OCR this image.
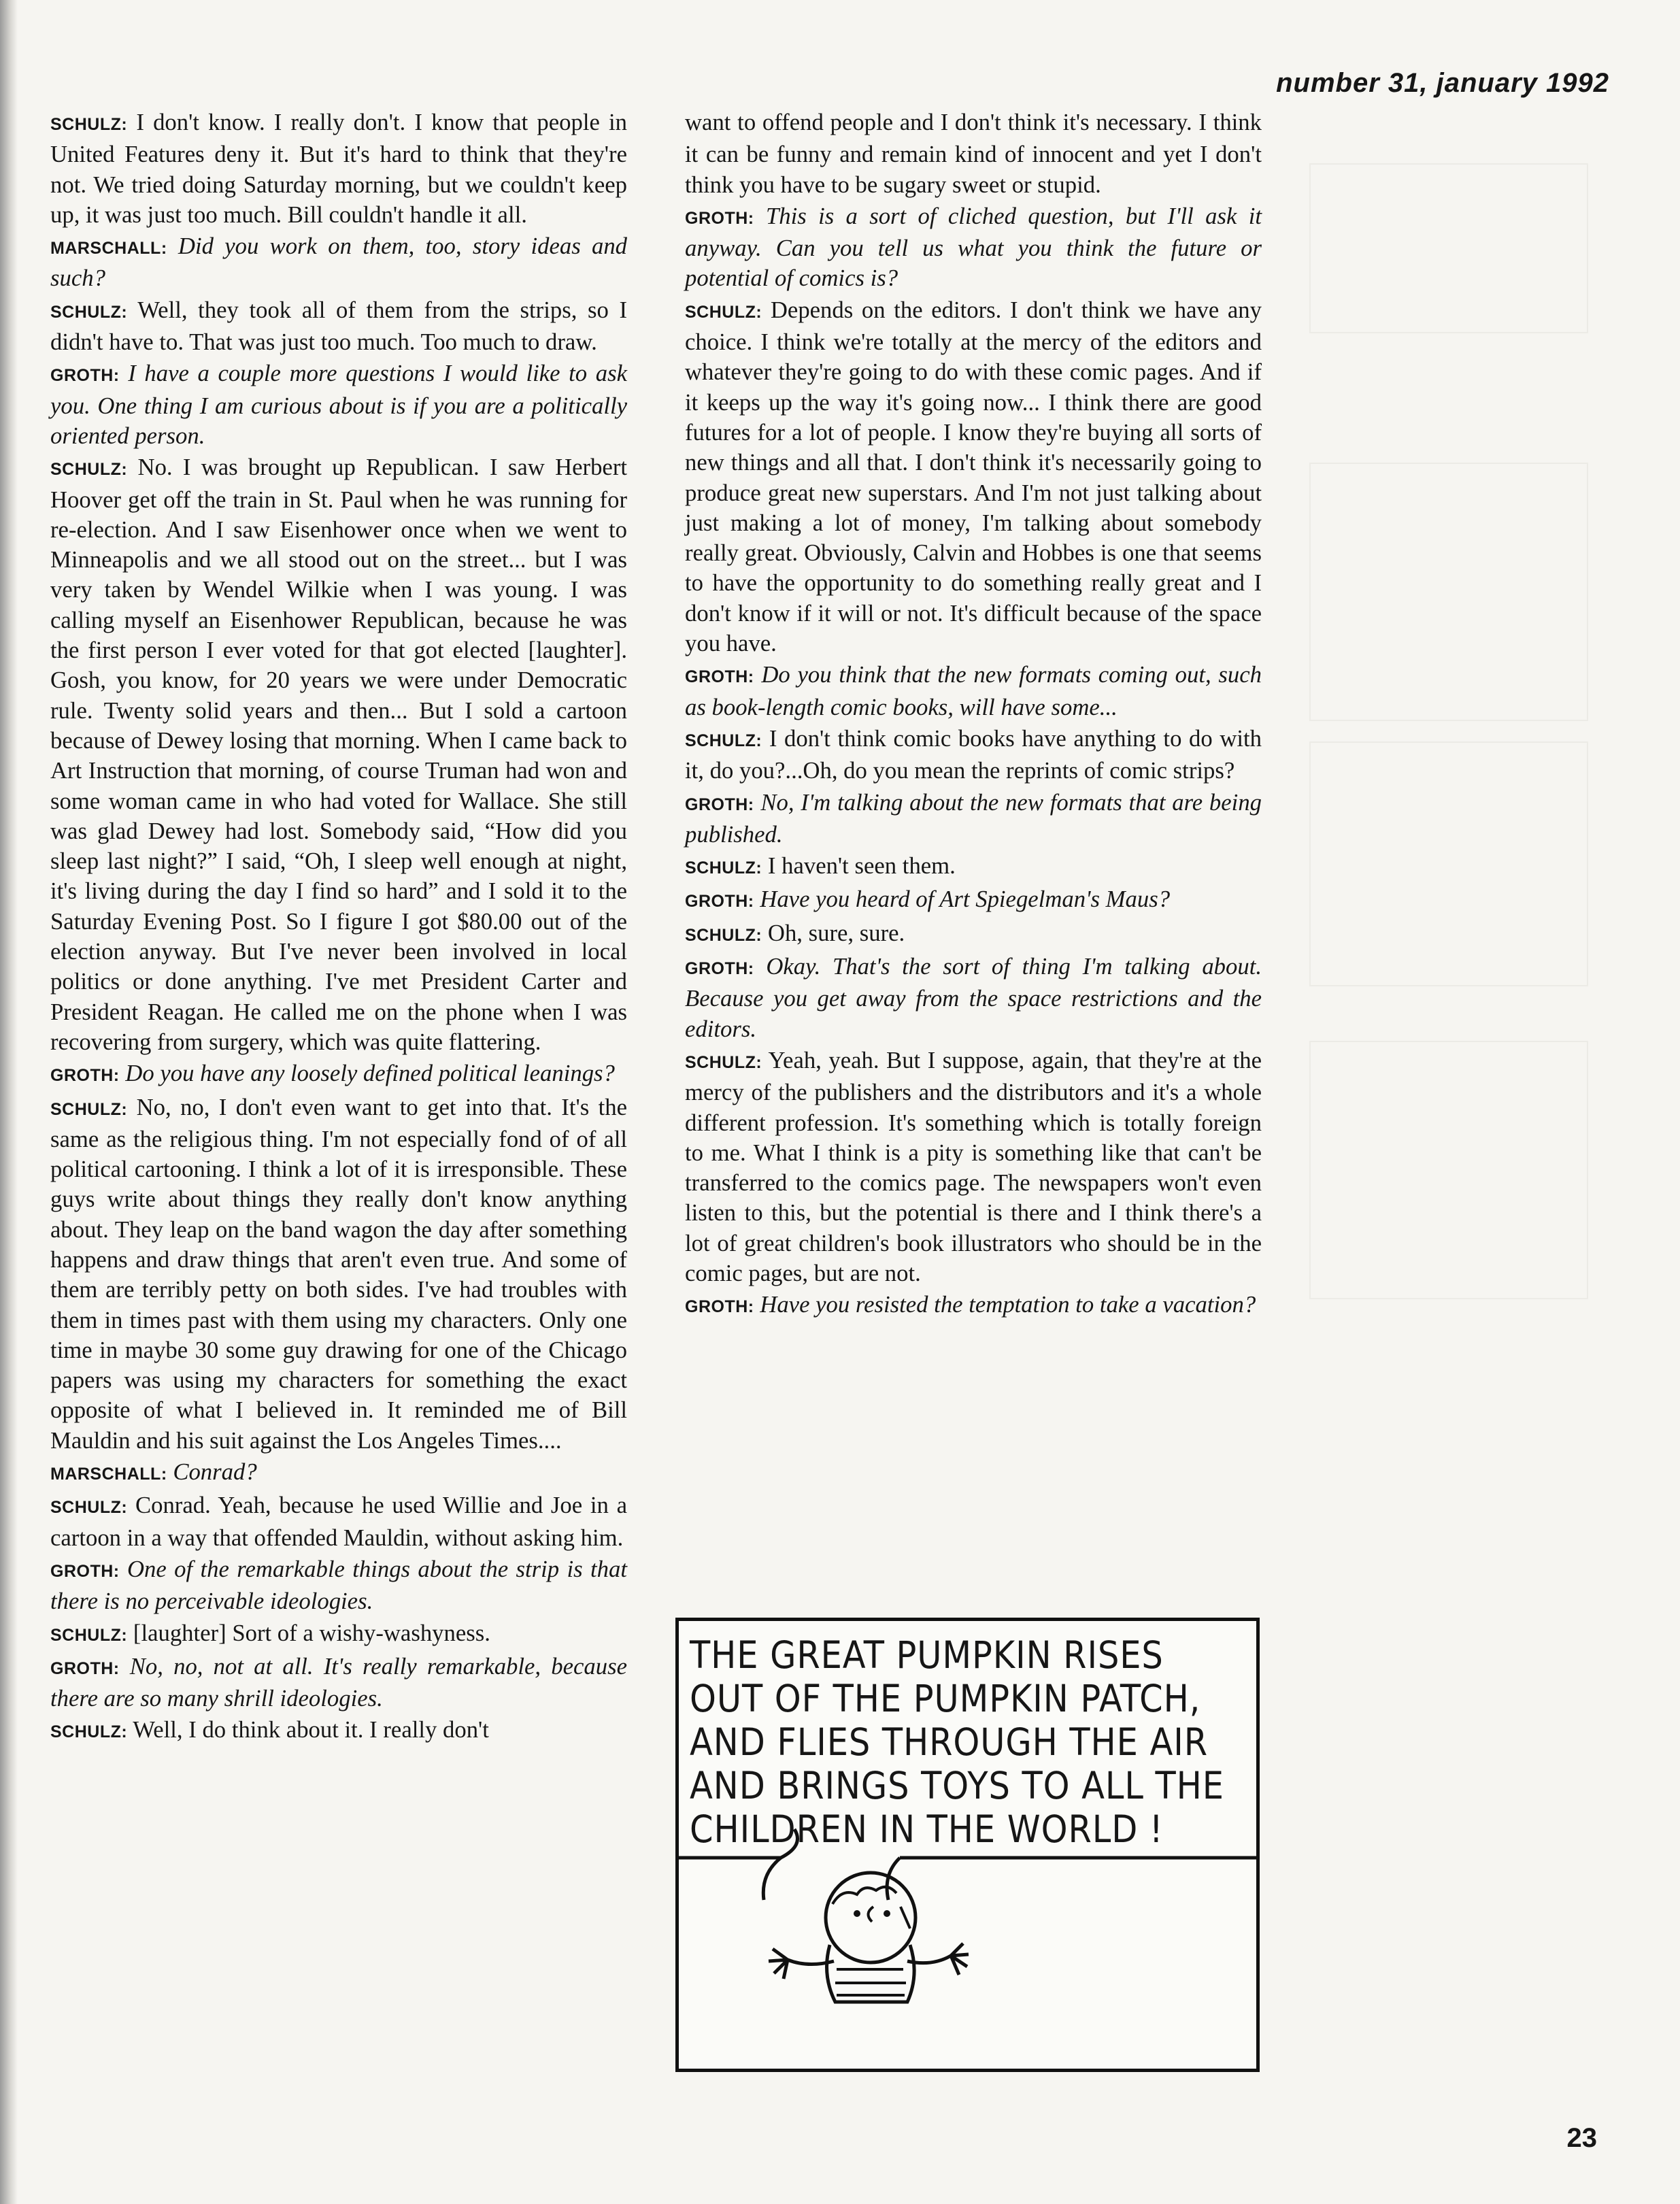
number 31, january 1992

SCHULZ: I don't know. I really don't. I know that people in United Features deny it. But it's hard to think that they're not. We tried doing Saturday morning, but we couldn't keep up, it was just too much. Bill couldn't handle it all.

MARSCHALL: Did you work on them, too, story ideas and such?

SCHULZ: Well, they took all of them from the strips, so I didn't have to. That was just too much. Too much to draw.

GROTH: I have a couple more questions I would like to ask you. One thing I am curious about is if you are a politically oriented person.

SCHULZ: No. I was brought up Republican. I saw Herbert Hoover get off the train in St. Paul when he was running for re-election. And I saw Eisenhower once when we went to Minneapolis and we all stood out on the street... but I was very taken by Wendel Wilkie when I was young. I was calling myself an Eisenhower Republican, because he was the first person I ever voted for that got elected [laughter]. Gosh, you know, for 20 years we were under Democratic rule. Twenty solid years and then... But I sold a cartoon because of Dewey losing that morning. When I came back to Art Instruction that morning, of course Truman had won and some woman came in who had voted for Wallace. She still was glad Dewey had lost. Somebody said, “How did you sleep last night?” I said, “Oh, I sleep well enough at night, it's living during the day I find so hard” and I sold it to the Saturday Evening Post. So I figure I got $80.00 out of the election anyway. But I've never been involved in local politics or done anything. I've met President Carter and President Reagan. He called me on the phone when I was recovering from surgery, which was quite flattering.

GROTH: Do you have any loosely defined political leanings?

SCHULZ: No, no, I don't even want to get into that. It's the same as the religious thing. I'm not especially fond of of all political cartooning. I think a lot of it is irresponsible. These guys write about things they really don't know anything about. They leap on the band wagon the day after something happens and draw things that aren't even true. And some of them are terribly petty on both sides. I've had troubles with them in times past with them using my characters. Only one time in maybe 30 some guy drawing for one of the Chicago papers was using my characters for something the exact opposite of what I believed in. It reminded me of Bill Mauldin and his suit against the Los Angeles Times....

MARSCHALL: Conrad?

SCHULZ: Conrad. Yeah, because he used Willie and Joe in a cartoon in a way that offended Mauldin, without asking him.

GROTH: One of the remarkable things about the strip is that there is no perceivable ideologies.

SCHULZ: [laughter] Sort of a wishy-washyness.

GROTH: No, no, not at all. It's really remarkable, because there are so many shrill ideologies.

SCHULZ: Well, I do think about it. I really don't

want to offend people and I don't think it's necessary. I think it can be funny and remain kind of innocent and yet I don't think you have to be sugary sweet or stupid.

GROTH: This is a sort of cliched question, but I'll ask it anyway. Can you tell us what you think the future or potential of comics is?

SCHULZ: Depends on the editors. I don't think we have any choice. I think we're totally at the mercy of the editors and whatever they're going to do with these comic pages. And if it keeps up the way it's going now... I think there are good futures for a lot of people. I know they're buying all sorts of new things and all that. I don't think it's necessarily going to produce great new superstars. And I'm not just talking about just making a lot of money, I'm talking about somebody really great. Obviously, Calvin and Hobbes is one that seems to have the opportunity to do something really great and I don't know if it will or not. It's difficult because of the space you have.

GROTH: Do you think that the new formats coming out, such as book-length comic books, will have some...

SCHULZ: I don't think comic books have anything to do with it, do you?...Oh, do you mean the reprints of comic strips?

GROTH: No, I'm talking about the new formats that are being published.

SCHULZ: I haven't seen them.

GROTH: Have you heard of Art Spiegelman's Maus?

SCHULZ: Oh, sure, sure.

GROTH: Okay. That's the sort of thing I'm talking about. Because you get away from the space restrictions and the editors.

SCHULZ: Yeah, yeah. But I suppose, again, that they're at the mercy of the publishers and the distributors and it's a whole different profession. It's something which is totally foreign to me. What I think is a pity is something like that can't be transferred to the comics page. The newspapers won't even listen to this, but the potential is there and I think there's a lot of great children's book illustrators who should be in the comic pages, but are not.

GROTH: Have you resisted the temptation to take a vacation?

THE GREAT PUMPKIN RISES
OUT OF THE PUMPKIN PATCH,
AND FLIES THROUGH THE AIR
AND BRINGS TOYS TO ALL THE
CHILDREN IN THE WORLD !

23
